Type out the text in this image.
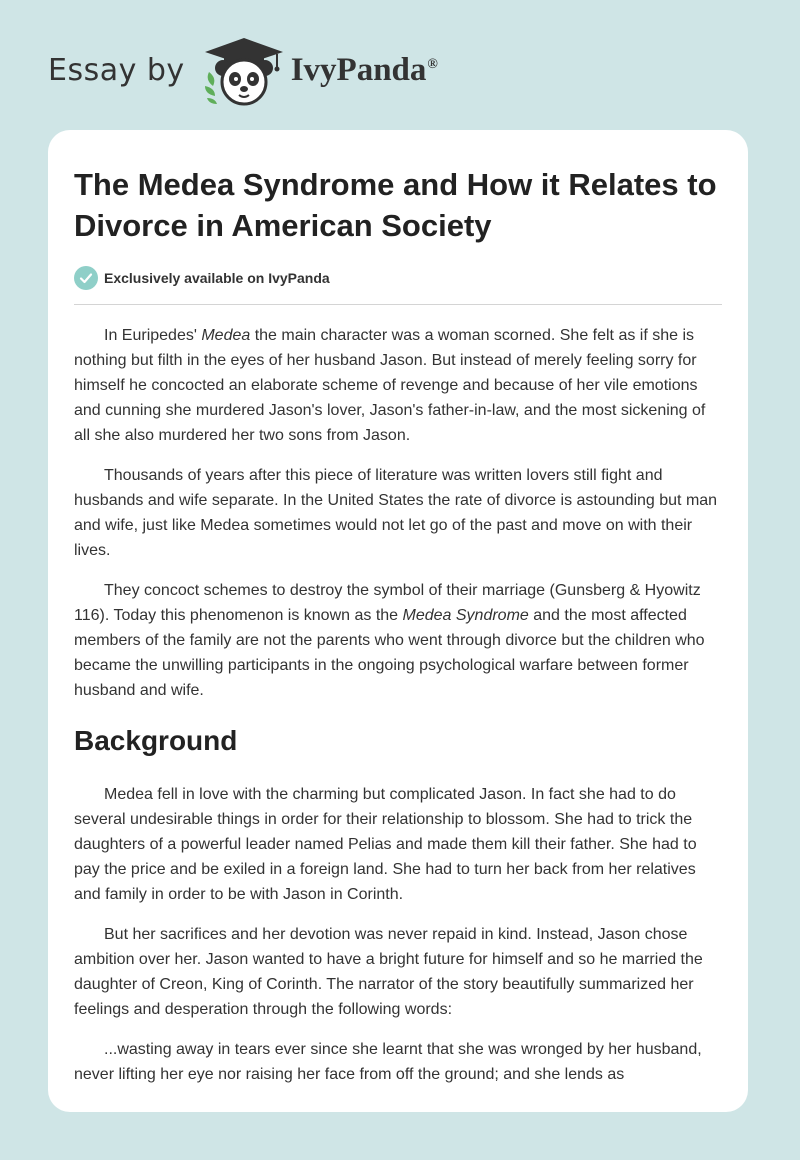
Essay by	IvyPanda®
The Medea Syndrome and How it Relates to Divorce in American Society
Exclusively available on IvyPanda

In Euripedes' Medea the main character was a woman scorned. She felt as if she is nothing but filth in the eyes of her husband Jason. But instead of merely feeling sorry for himself he concocted an elaborate scheme of revenge and because of her vile emotions and cunning she murdered Jason's lover, Jason's father-in-law, and the most sickening of all she also murdered her two sons from Jason.

Thousands of years after this piece of literature was written lovers still fight and husbands and wife separate. In the United States the rate of divorce is astounding but man and wife, just like Medea sometimes would not let go of the past and move on with their lives.

They concoct schemes to destroy the symbol of their marriage (Gunsberg & Hyowitz 116). Today this phenomenon is known as the Medea Syndrome and the most affected members of the family are not the parents who went through divorce but the children who became the unwilling participants in the ongoing psychological warfare between former husband and wife.

Background

Medea fell in love with the charming but complicated Jason. In fact she had to do several undesirable things in order for their relationship to blossom. She had to trick the daughters of a powerful leader named Pelias and made them kill their father. She had to pay the price and be exiled in a foreign land. She had to turn her back from her relatives and family in order to be with Jason in Corinth.

But her sacrifices and her devotion was never repaid in kind. Instead, Jason chose ambition over her. Jason wanted to have a bright future for himself and so he married the daughter of Creon, King of Corinth. The narrator of the story beautifully summarized her feelings and desperation through the following words:

...wasting away in tears ever since she learnt that she was wronged by her husband, never lifting her eye nor raising her face from off the ground; and she lends as
